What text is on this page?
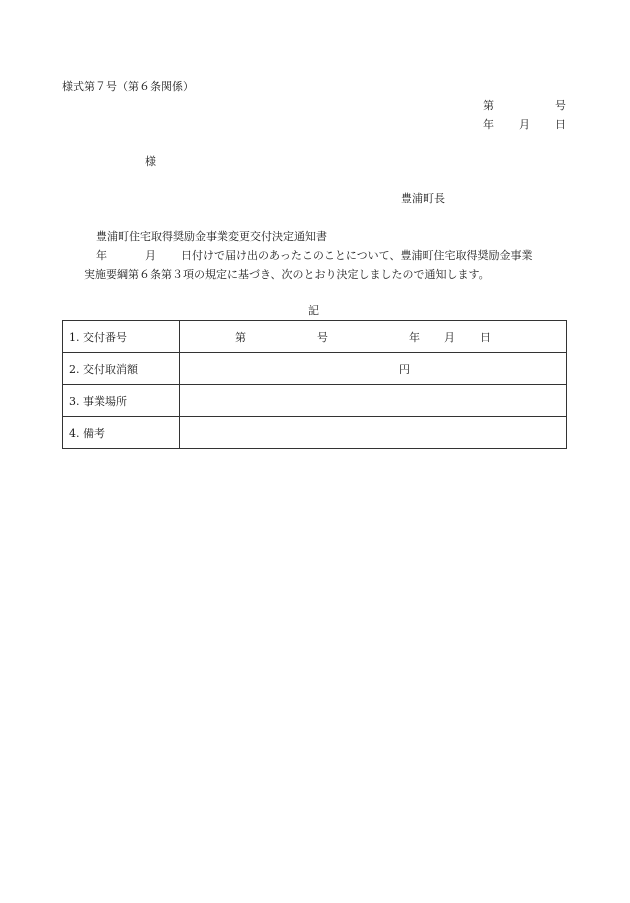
様式第７号（第６条関係）
第	号
年 月 日
様
豊浦町長
豊浦町住宅取得奨励金事業変更交付決定通知書
年	月 日付けで届け出のあったこのことについて、豊浦町住宅取得奨励金事業
実施要綱第６条第３項の規定に基づき、次のとおり決定しましたので通知します。
記
1. 交付番号	第 号 年 月 日

2. 交付取消額	円

3. 事業場所	
4. 備考	
